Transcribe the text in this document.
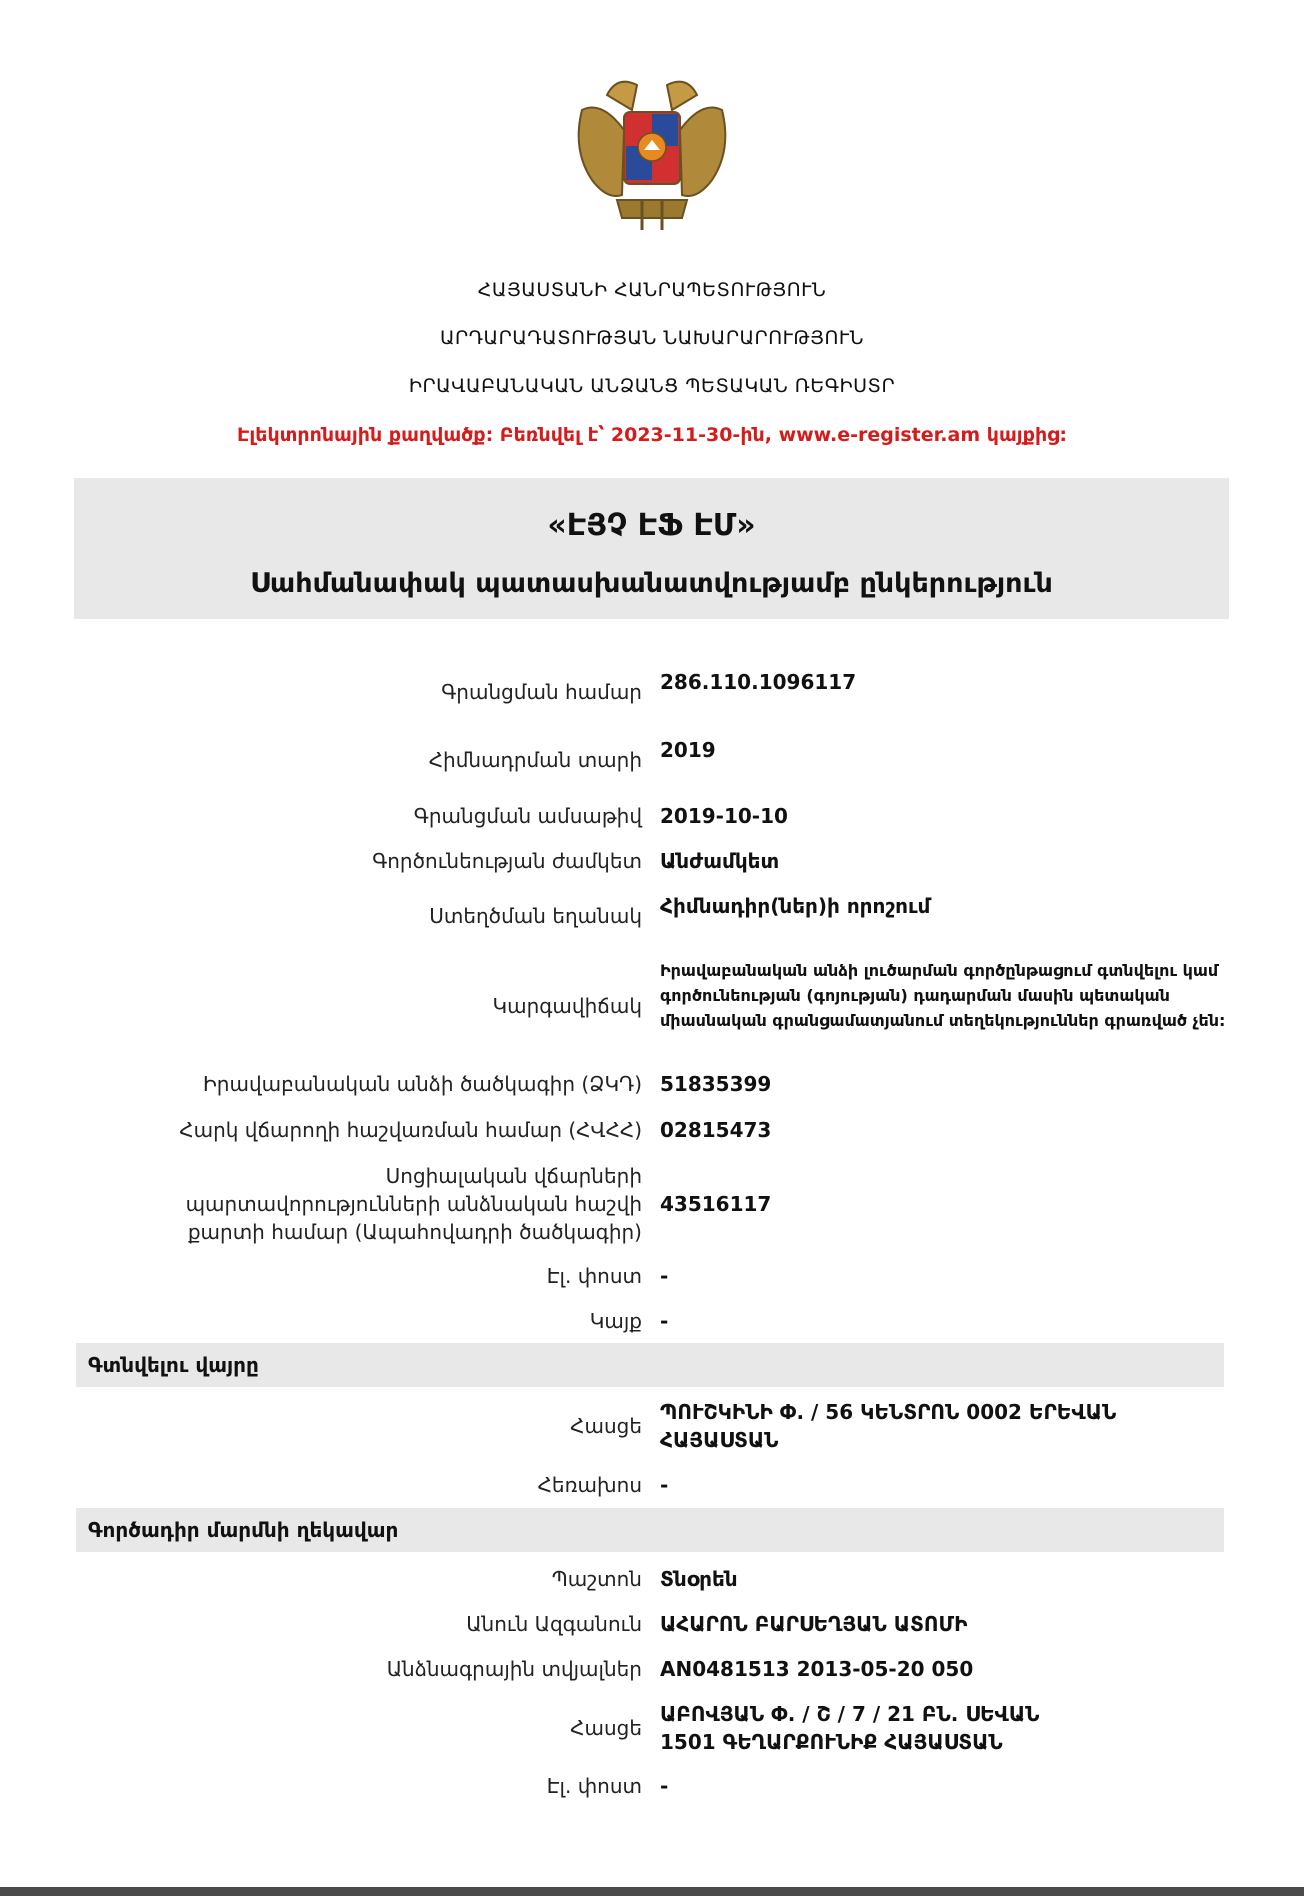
ՀԱՅԱՍՏԱՆԻ ՀԱՆՐԱՊԵՏՈՒԹՅՈՒՆ
ԱՐԴԱՐԱԴԱՏՈՒԹՅԱՆ ՆԱԽԱՐԱՐՈՒԹՅՈՒՆ
ԻՐԱՎԱԲԱՆԱԿԱՆ ԱՆՁԱՆՑ ՊԵՏԱԿԱՆ ՌԵԳԻՍՏՐ
Էլեկտրոնային քաղվածք: Բեռնվել է՝ 2023-11-30-ին, www.e-register.am կայքից:
«ԷՅՉ ԷՖ ԷՄ»
Սահմանափակ պատասխանատվությամբ ընկերություն
Գրանցման համար 286.110.1096117
Հիմնադրման տարի 2019
Գրանցման ամսաթիվ 2019-10-10
Գործունեության ժամկետ Անժամկետ
Ստեղծման եղանակ Հիմնադիր(ներ)ի որոշում
Կարգավիճակ
Իրավաբանական անձի լուծարման գործընթացում գտնվելու կամ գործունեության (գոյության) դադարման մասին պետական միասնական գրանցամատյանում տեղեկություններ գրառված չեն:
Իրավաբանական անձի ծածկագիր (ՁԿԴ) 51835399
Հարկ վճարողի հաշվառման համար (ՀՎՀՀ) 02815473
Սոցիալական վճարների պարտավորությունների անձնական հաշվի քարտի համար (Ապահովադրի ծածկագիր)
43516117
Էլ. փոստ -
Կայք -
Գտնվելու վայրը
Հասցե
ՊՈՒՇԿԻՆԻ Փ. / 56 ԿԵՆՏՐՈՆ 0002 ԵՐԵՎԱՆ ՀԱՅԱՍՏԱՆ
Հեռախոս -
Գործադիր մարմնի ղեկավար
Պաշտոն Տնօրեն
Անուն Ազգանուն ԱՀԱՐՈՆ ԲԱՐՍԵՂՅԱՆ ԱՏՈՄԻ
Անձնագրային տվյալներ AN0481513 2013-05-20 050
Հասցե
ԱԲՈՎՅԱՆ Փ. / Շ / 7 / 21 ԲՆ. ՍԵՎԱՆ 1501 ԳԵՂԱՐՔՈՒՆԻՔ ՀԱՅԱՍՏԱՆ
Էլ. փոստ -
